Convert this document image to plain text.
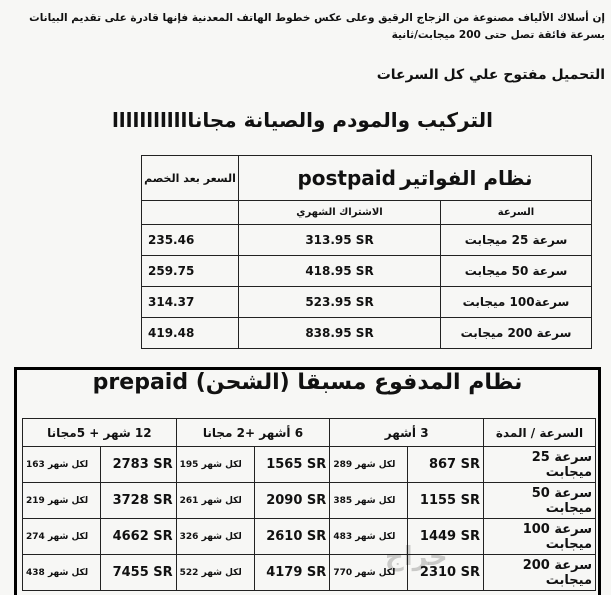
إن أسلاك الألياف مصنوعة من الزجاج الرقيق وعلى عكس خطوط الهاتف المعدنية فإنها قادرة على تقديم البيانات بسرعة فائقة تصل حتى 200 ميجابت/ثانية
التحميل مفتوح علي كل السرعات
التركيب والمودم والصيانة مجاناااااااااااا
السعر بعد الخصم	نظام الفواتير postpaid	
	الاشتراك الشهري	السرعة
235.46	313.95 SR	سرعة 25 ميجابت
259.75	418.95 SR	سرعة 50 ميجابت
314.37	523.95 SR	سرعة100 ميجابت
419.48	838.95 SR	سرعة 200 ميجابت
نظام المدفوع مسبقا (الشحن) prepaid
12 شهر + 5مجانا		6 أشهر +2 مجانا		3 أشهر		السرعة / المدة
163 لكل شهر	2783 SR	195 لكل شهر	1565 SR	289 لكل شهر	867 SR	سرعة 25 ميجابت
219 لكل شهر	3728 SR	261 لكل شهر	2090 SR	385 لكل شهر	1155 SR	سرعة 50 ميجابت
274 لكل شهر	4662 SR	326 لكل شهر	2610 SR	483 لكل شهر	1449 SR	سرعة 100 ميجابت
438 لكل شهر	7455 SR	522 لكل شهر	4179 SR	770 لكل شهر	2310 SR	سرعة 200 ميجابت
حراج
